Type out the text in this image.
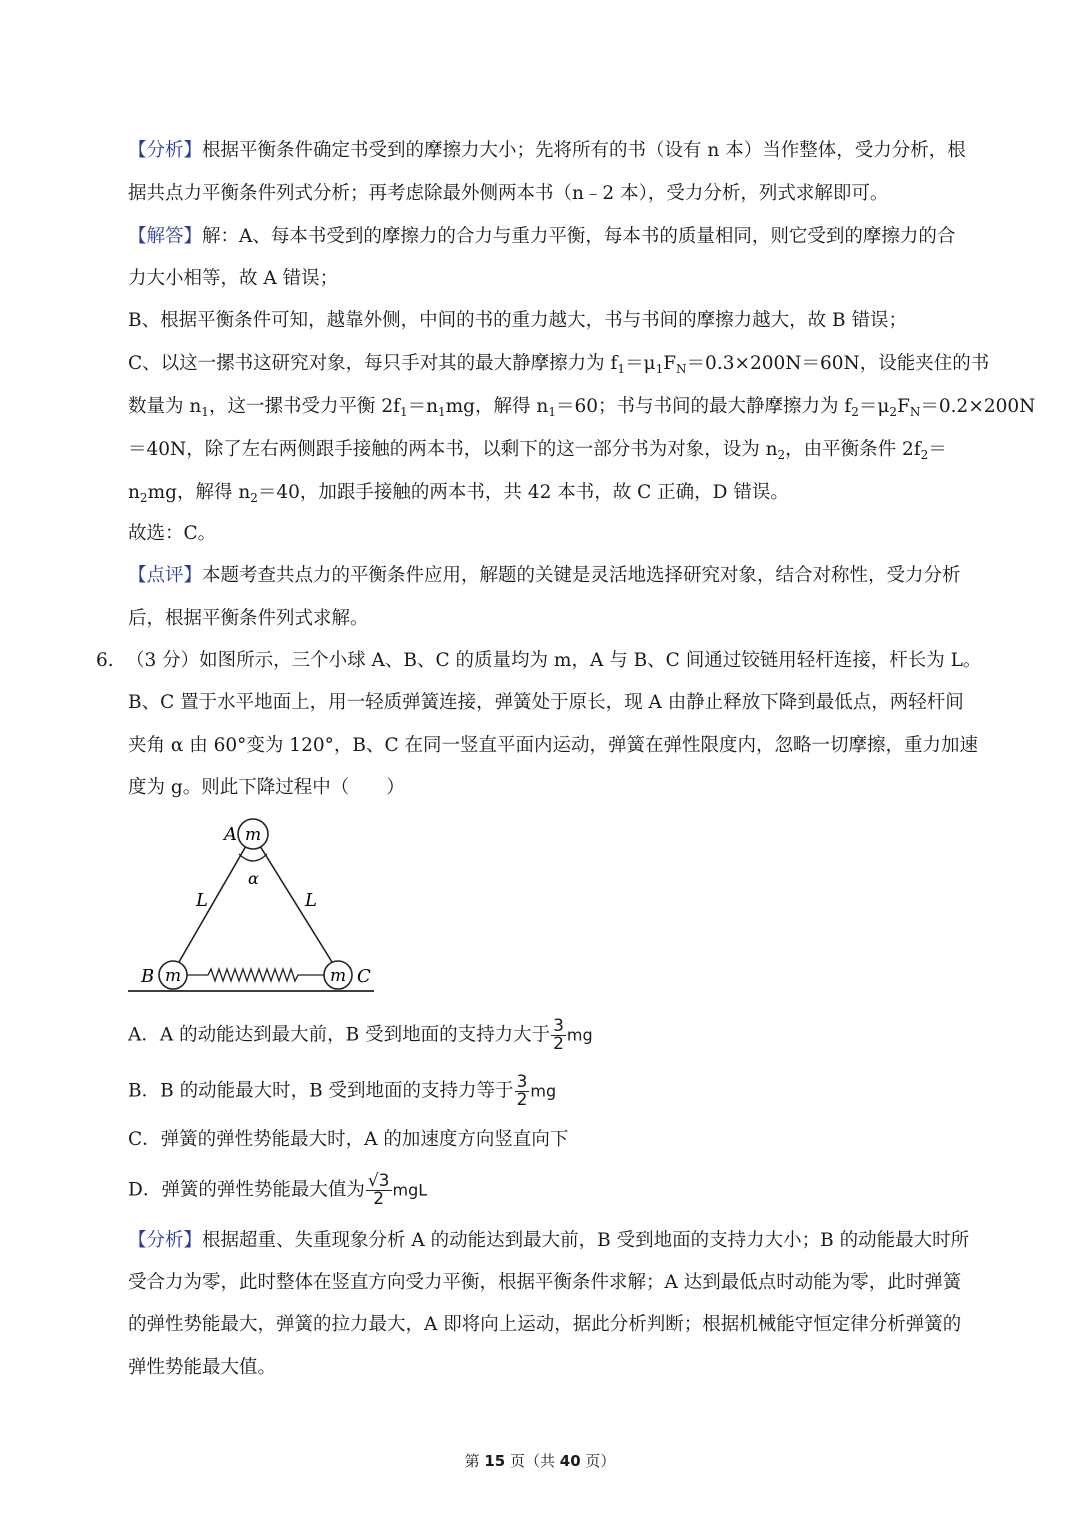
【分析】根据平衡条件确定书受到的摩擦力大小；先将所有的书（设有 n 本）当作整体，受力分析，根
据共点力平衡条件列式分析；再考虑除最外侧两本书（n﹣2 本），受力分析，列式求解即可。
【解答】解：A、每本书受到的摩擦力的合力与重力平衡，每本书的质量相同，则它受到的摩擦力的合
力大小相等，故 A 错误；
B、根据平衡条件可知，越靠外侧，中间的书的重力越大，书与书间的摩擦力越大，故 B 错误；
C、以这一摞书这研究对象，每只手对其的最大静摩擦力为 $f_1=\mu_1F_N=0.3\times 200N=60N$，设能夹住的书
数量为 $n_1$，这一摞书受力平衡 $2f_1=n_1mg$，解得 $n_1=60$；书与书间的最大静摩擦力为 $f_2=\mu_2F_N=0.2\times 200N$
＝40N，除了左右两侧跟手接触的两本书，以剩下的这一部分书为对象，设为 $n_2$，由平衡条件 $2f_2=$
$n_2mg$，解得 $n_2=40$，加跟手接触的两本书，共 42 本书，故 C 正确，D 错误。
故选：C。
【点评】本题考查共点力的平衡条件应用，解题的关键是灵活地选择研究对象，结合对称性，受力分析
后，根据平衡条件列式求解。
6. （3 分）如图所示，三个小球 A、B、C 的质量均为 m，A 与 B、C 间通过铰链用轻杆连接，杆长为 L。
B、C 置于水平地面上，用一轻质弹簧连接，弹簧处于原长，现 A 由静止释放下降到最低点，两轻杆间
夹角 α 由 60°变为 120°，B、C 在同一竖直平面内运动，弹簧在弹性限度内，忽略一切摩擦，重力加速
度为 g。则此下降过程中（　　）
m
m	m
A
B	C
L	L
α
A．A 的动能达到最大前，B 受到地面的支持力大于 $\frac{3}{2}$ mg
B．B 的动能最大时，B 受到地面的支持力等于 $\frac{3}{2}$ mg
C．弹簧的弹性势能最大时，A 的加速度方向竖直向下
D．弹簧的弹性势能最大值为 $\frac{√3}{2}$ mgL
【分析】根据超重、失重现象分析 A 的动能达到最大前，B 受到地面的支持力大小；B 的动能最大时所
受合力为零，此时整体在竖直方向受力平衡，根据平衡条件求解；A 达到最低点时动能为零，此时弹簧
的弹性势能最大，弹簧的拉力最大，A 即将向上运动，据此分析判断；根据机械能守恒定律分析弹簧的
弹性势能最大值。
第 15 页（共 40 页）
